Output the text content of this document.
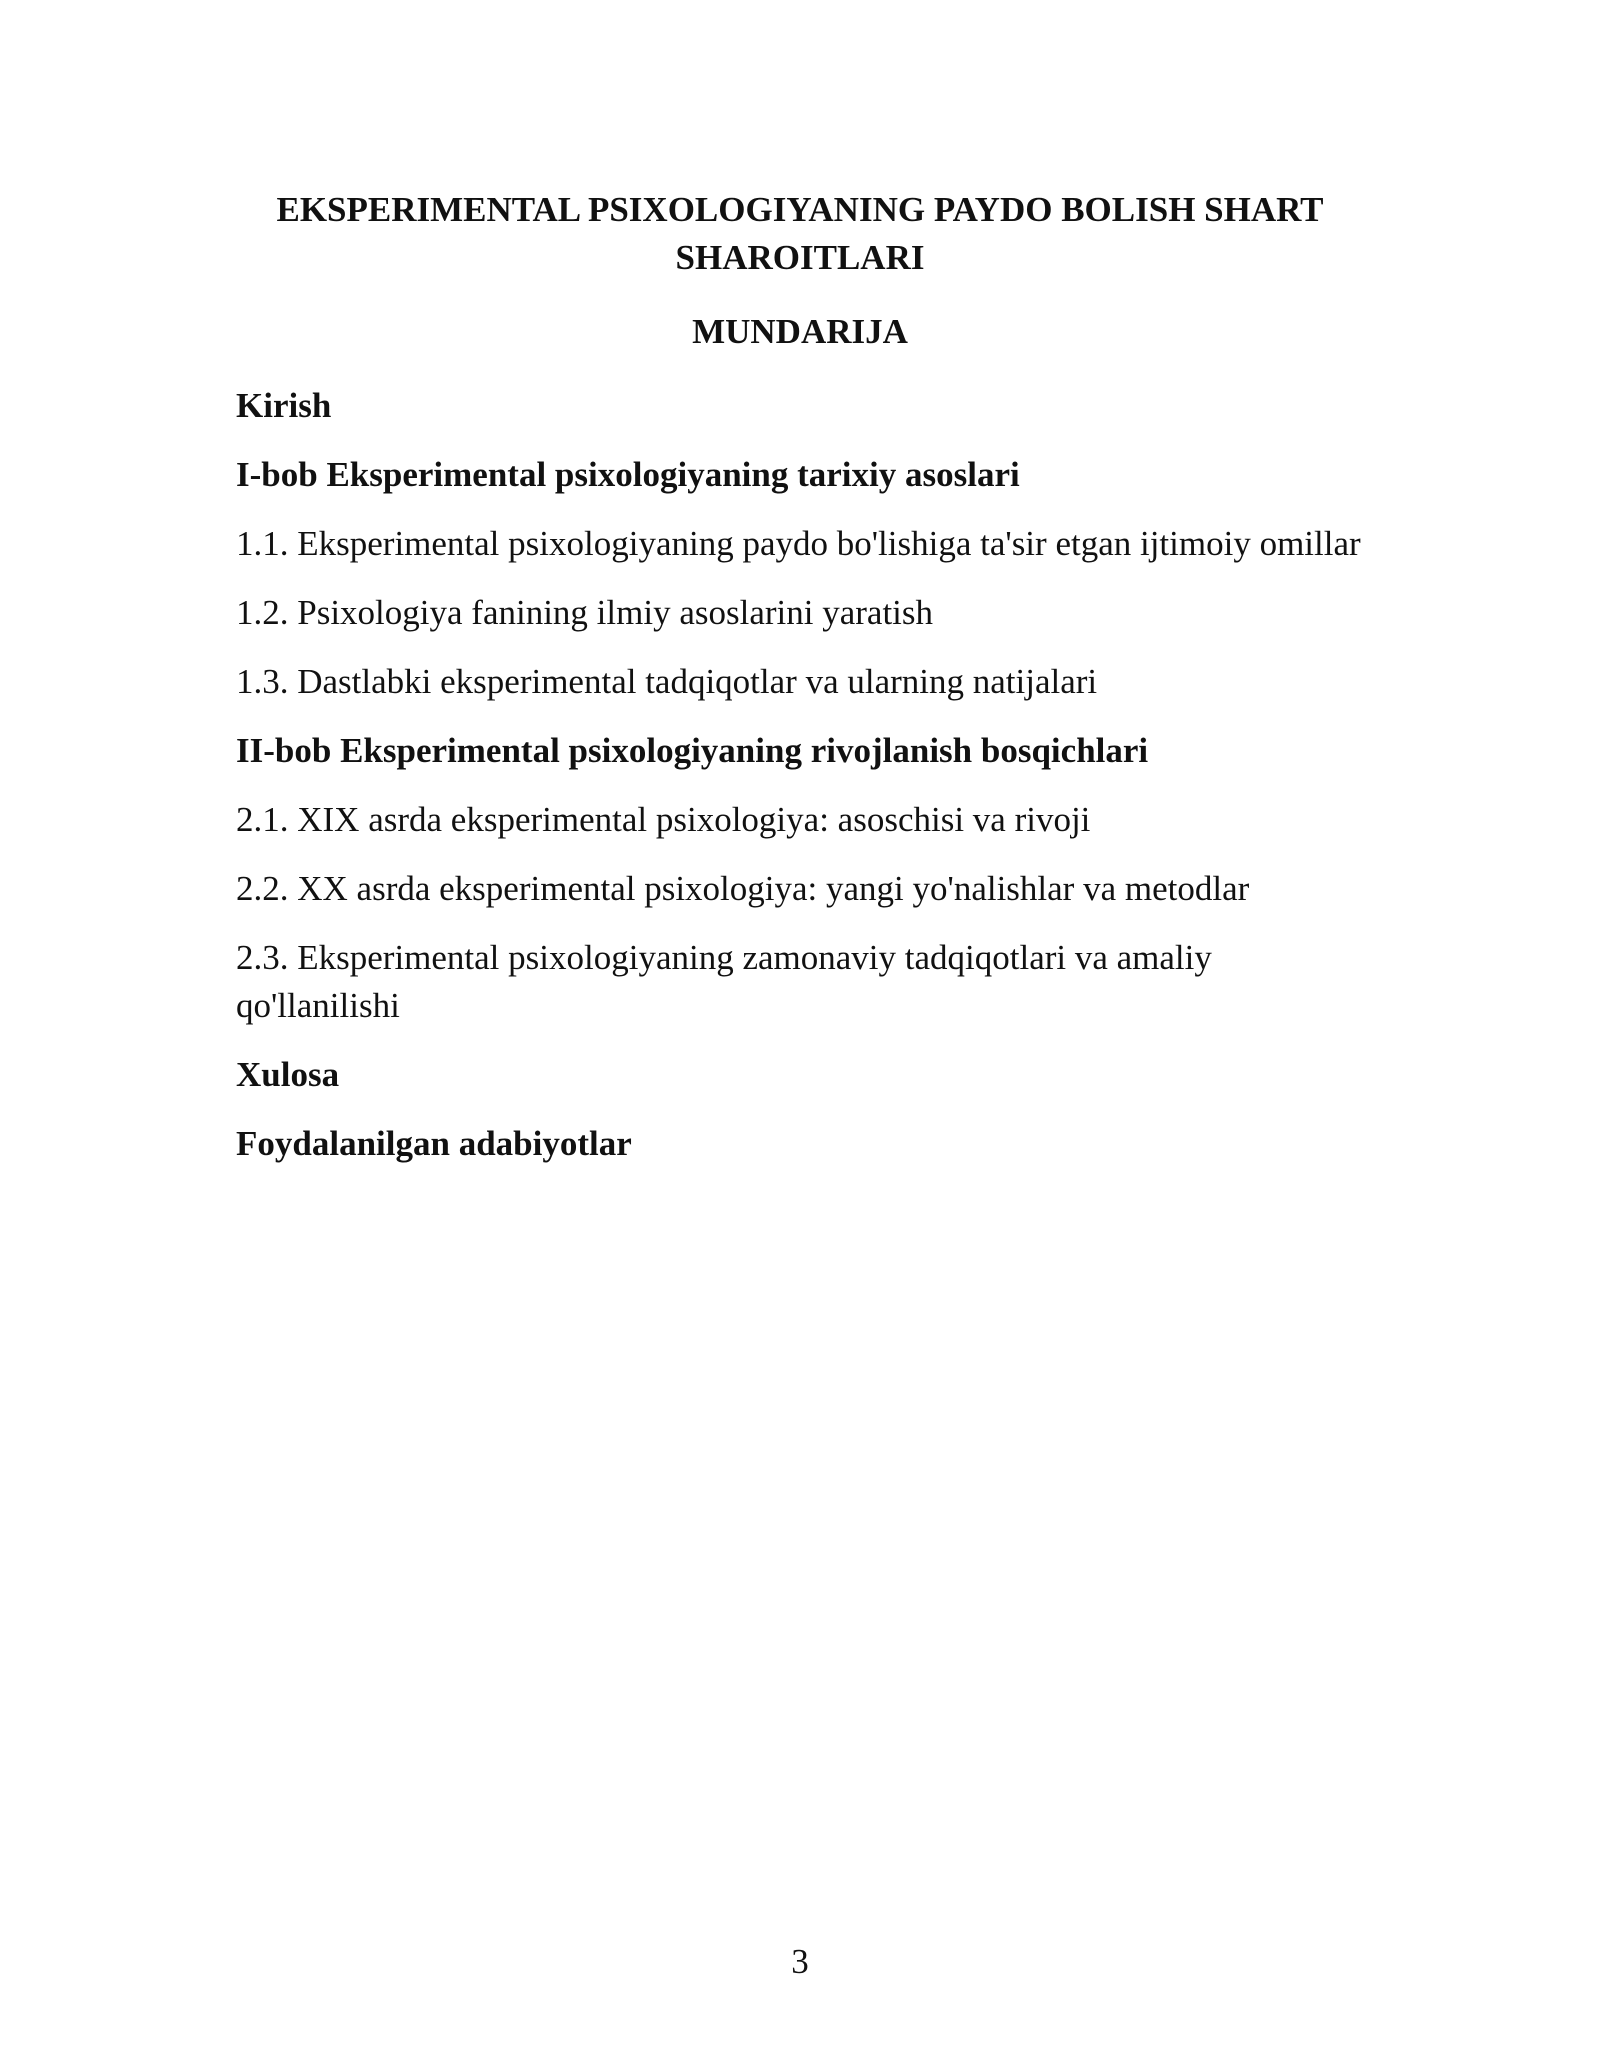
EKSPERIMENTAL PSIXOLOGIYANING PAYDO BOLISH SHART SHAROITLARI
MUNDARIJA
Kirish
I-bob Eksperimental psixologiyaning tarixiy asoslari
1.1. Eksperimental psixologiyaning paydo bo'lishiga ta'sir etgan ijtimoiy omillar
1.2. Psixologiya fanining ilmiy asoslarini yaratish
1.3. Dastlabki eksperimental tadqiqotlar va ularning natijalari
II-bob Eksperimental psixologiyaning rivojlanish bosqichlari
2.1. XIX asrda eksperimental psixologiya: asoschisi va rivoji
2.2. XX asrda eksperimental psixologiya: yangi yo'nalishlar va metodlar
2.3. Eksperimental psixologiyaning zamonaviy tadqiqotlari va amaliy qo'llanilishi
Xulosa
Foydalanilgan adabiyotlar
3
